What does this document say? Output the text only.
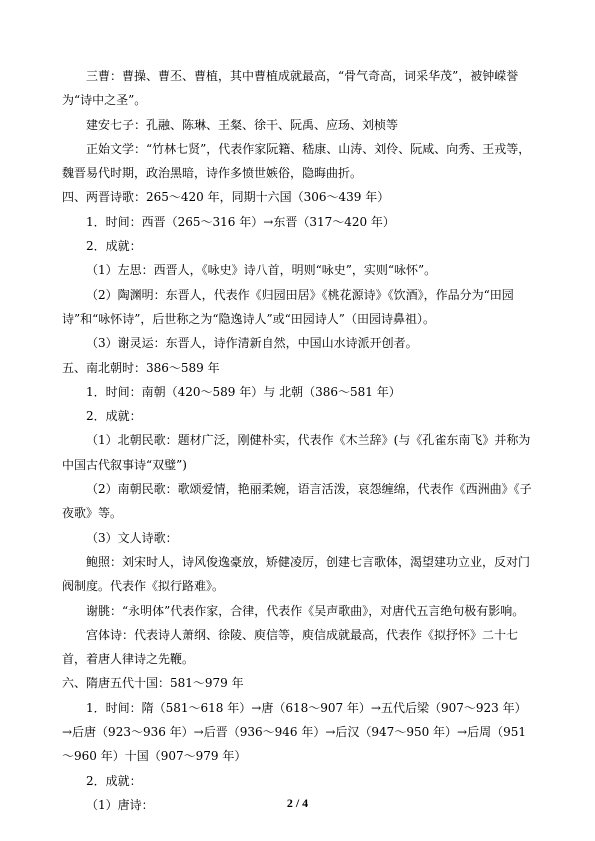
三曹：曹操、曹丕、曹植，其中曹植成就最高，“骨气奇高，词采华茂”，被钟嵘誉为“诗中之圣”。

建安七子：孔融、陈琳、王粲、徐干、阮禹、应玚、刘桢等

正始文学：“竹林七贤”，代表作家阮籍、嵇康、山涛、刘伶、阮咸、向秀、王戎等，魏晋易代时期，政治黑暗，诗作多愤世嫉俗，隐晦曲折。

四、两晋诗歌：265～420 年，同期十六国（306～439 年）

1．时间：西晋（265～316 年）→东晋（317～420 年）

2．成就：

（1）左思：西晋人，《咏史》诗八首，明则“咏史”，实则“咏怀”。

（2）陶渊明：东晋人，代表作《归园田居》《桃花源诗》《饮酒》，作品分为“田园诗”和“咏怀诗”，后世称之为“隐逸诗人”或“田园诗人”（田园诗鼻祖）。

（3）谢灵运：东晋人，诗作清新自然，中国山水诗派开创者。

五、南北朝时：386～589 年

1．时间：南朝（420～589 年）与 北朝（386～581 年）

2．成就：

（1）北朝民歌：题材广泛，刚健朴实，代表作《木兰辞》(与《孔雀东南飞》并称为中国古代叙事诗“双璧”)

（2）南朝民歌：歌颂爱情，艳丽柔婉，语言活泼，哀怨缠绵，代表作《西洲曲》《子夜歌》等。

（3）文人诗歌：

鲍照：刘宋时人，诗风俊逸豪放，矫健凌厉，创建七言歌体，渴望建功立业，反对门阀制度。代表作《拟行路难》。

谢朓：“永明体”代表作家，合律，代表作《吴声歌曲》，对唐代五言绝句极有影响。

宫体诗：代表诗人萧纲、徐陵、庾信等，庾信成就最高，代表作《拟抒怀》二十七首，着唐人律诗之先鞭。

六、隋唐五代十国：581～979 年

1．时间：隋（581～618 年）→唐（618～907 年）→五代后梁（907～923 年）→后唐（923～936 年）→后晋（936～946 年）→后汉（947～950 年）→后周（951～960 年）十国（907～979 年）

2．成就：

（1）唐诗：	2 / 4
